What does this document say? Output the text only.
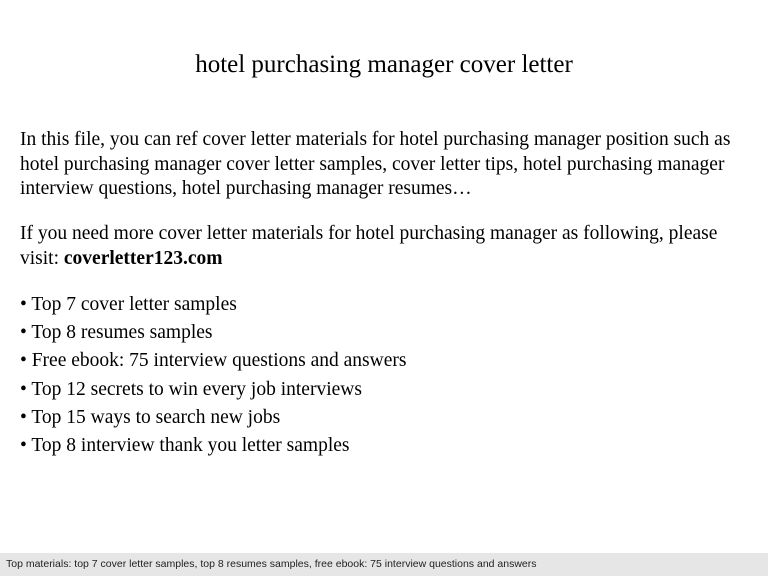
hotel purchasing manager cover letter
In this file, you can ref cover letter materials for hotel purchasing manager position such as hotel purchasing manager cover letter samples, cover letter tips, hotel purchasing manager interview questions, hotel purchasing manager resumes…
If you need more cover letter materials for hotel purchasing manager as following, please visit: coverletter123.com
• Top 7 cover letter samples
• Top 8 resumes samples
• Free ebook: 75 interview questions and answers
• Top 12 secrets to win every job interviews
• Top 15 ways to search new jobs
• Top 8 interview thank you letter samples
Top materials: top 7 cover letter samples, top 8 resumes samples, free ebook: 75 interview questions and answers
